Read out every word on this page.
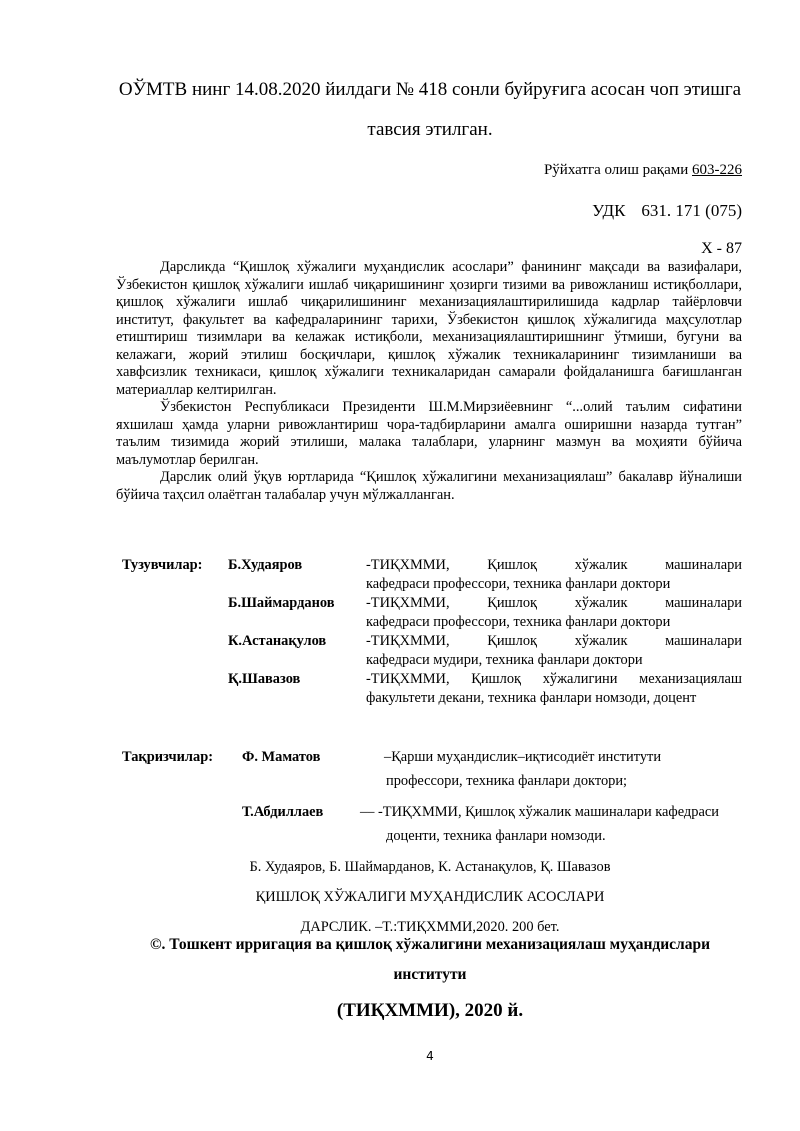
ОЎМТВ нинг 14.08.2020 йилдаги № 418 сонли буйруғига асосан чоп этишга
тавсия этилган.
Рўйхатга олиш рақами 603-226
УДК 631. 171 (075)
Х - 87

Дарсликда “Қишлоқ хўжалиги муҳандислик асослари” фанининг мақсади ва вазифалари, Ўзбекистон қишлоқ хўжалиги ишлаб чиқаришининг ҳозирги тизими ва ривожланиш истиқболлари, қишлоқ хўжалиги ишлаб чиқарилишининг механизациялаштирилишида кадрлар тайёрловчи институт, факультет ва кафедраларининг тарихи, Ўзбекистон қишлоқ хўжалигида маҳсулотлар етиштириш тизимлари ва келажак истиқболи, механизациялаштиришнинг ўтмиши, бугуни ва келажаги, жорий этилиш босқичлари, қишлоқ хўжалик техникаларининг тизимланиши ва хавфсизлик техникаси, қишлоқ хўжалиги техникаларидан самарали фойдаланишга бағишланган материаллар келтирилган.

Ўзбекистон Республикаси Президенти Ш.М.Мирзиёевнинг “...олий таълим сифатини яхшилаш ҳамда уларни ривожлантириш чора-тадбирларини амалга оширишни назарда тутган” таълим тизимида жорий этилиши, малака талаблари, уларнинг мазмун ва моҳияти бўйича маълумотлар берилган.

Дарслик олий ўқув юртларида “Қишлоқ хўжалигини механизациялаш” бакалавр йўналиши бўйича таҳсил олаётган талабалар учун мўлжалланган.

Тузувчилар:	Б.Худаяров	-ТИҚХММИ, Қишлоқ хўжалик машиналари
кафедраси профессори, техника фанлари доктори
Б.Шаймарданов	-ТИҚХММИ, Қишлоқ хўжалик машиналари
кафедраси профессори, техника фанлари доктори
К.Астанақулов	-ТИҚХММИ, Қишлоқ хўжалик машиналари
кафедраси мудири, техника фанлари доктори
Қ.Шавазов	-ТИҚХММИ, Қишлоқ хўжалигини механизациялаш
факультети декани, техника фанлари номзоди, доцент
Тақризчилар:	Ф. Маматов	–Қарши муҳандислик–иқтисодиёт институти
профессори, техника фанлари доктори;
Т.Абдиллаев	–– -ТИҚХММИ, Қишлоқ хўжалик машиналари кафедраси
доценти, техника фанлари номзоди.
Б. Худаяров, Б. Шаймарданов, К. Астанақулов, Қ. Шавазов
ҚИШЛОҚ ХЎЖАЛИГИ МУҲАНДИСЛИК АСОСЛАРИ
ДАРСЛИК. –Т.:ТИҚХММИ,2020. 200 бет.
©. Тошкент ирригация ва қишлоқ хўжалигини механизациялаш муҳандислари
институти
(ТИҚХММИ), 2020 й.
4
